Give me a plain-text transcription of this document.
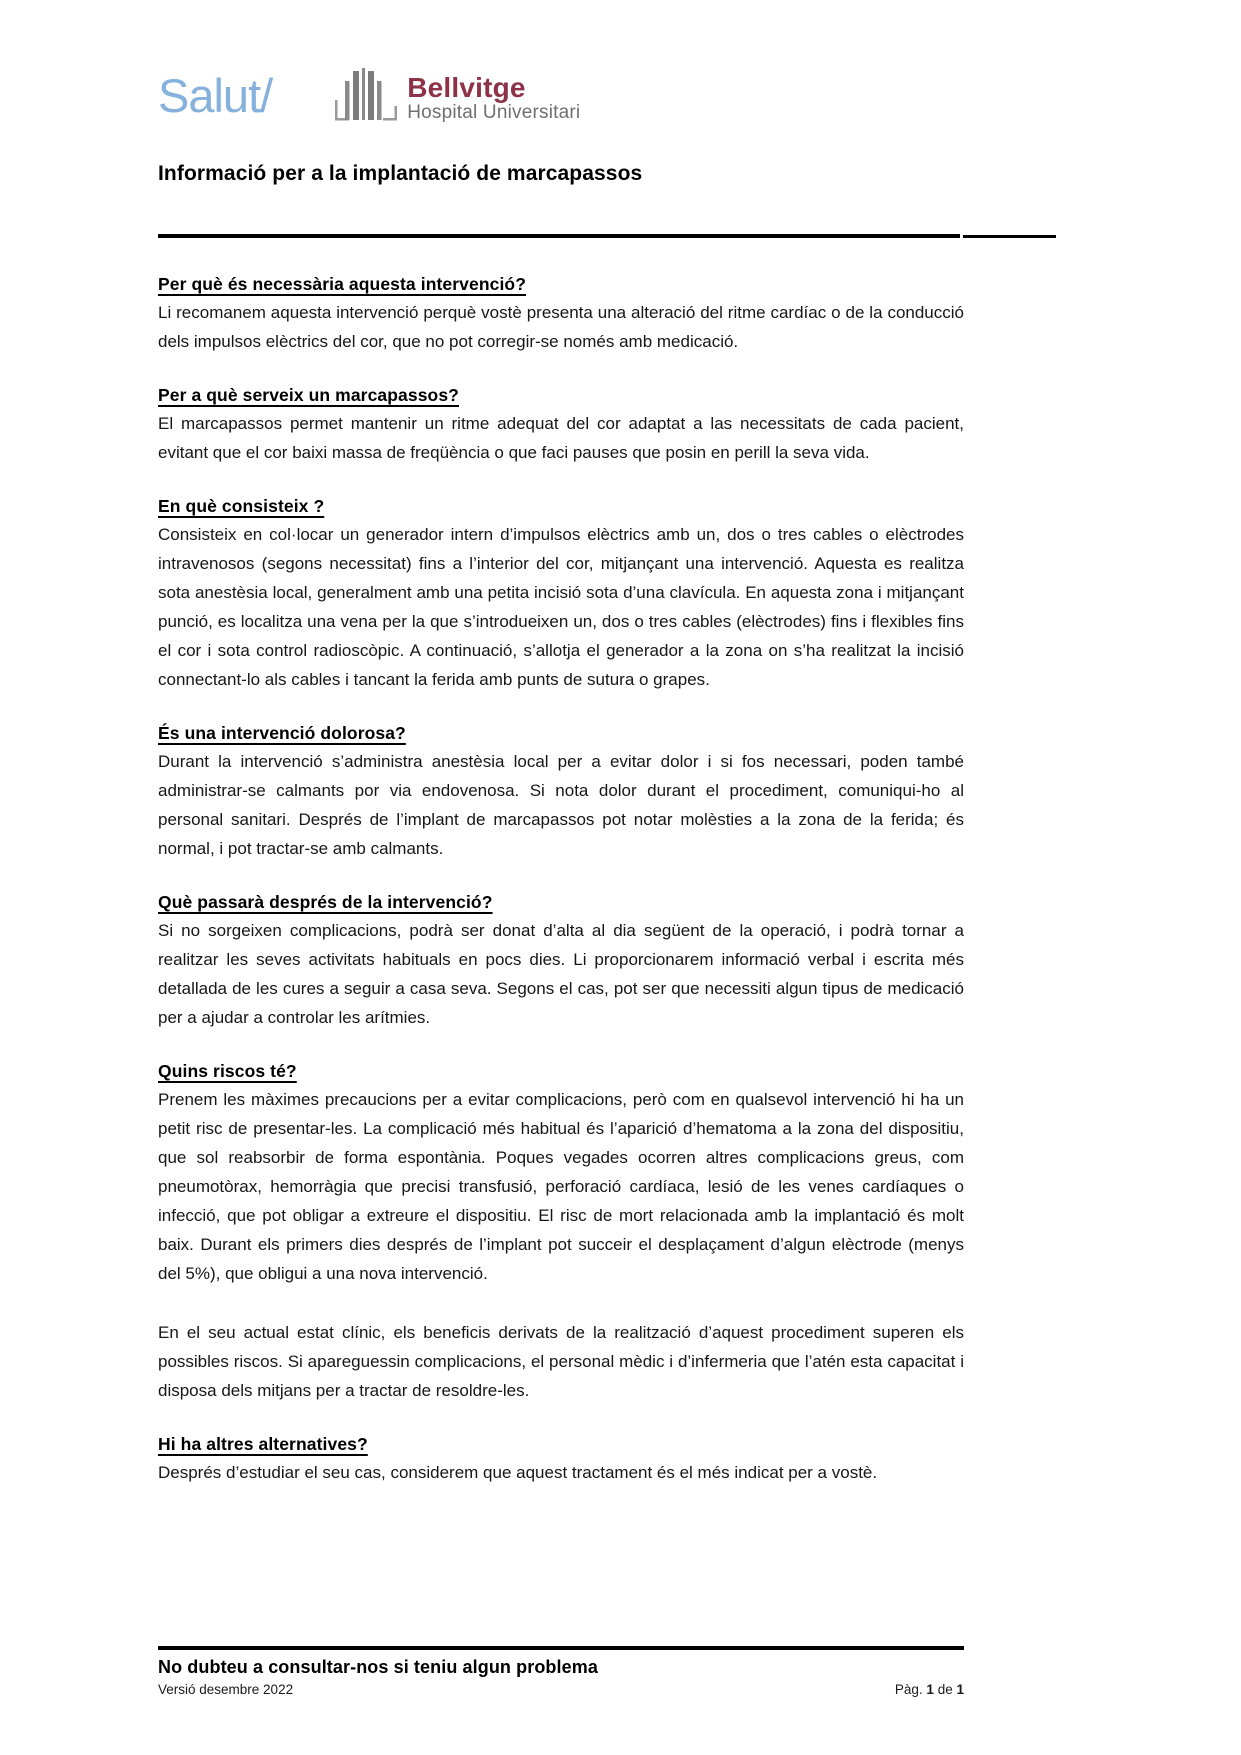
Salut/	Bellvitge
Hospital Universitari
Informació per a la implantació de marcapassos
Per què és necessària aquesta intervenció?

Li recomanem aquesta intervenció perquè vostè presenta una alteració del ritme cardíac o de la conducció dels impulsos elèctrics del cor, que no pot corregir-se només amb medicació.

Per a què serveix un marcapassos?

El marcapassos permet mantenir un ritme adequat del cor adaptat a las necessitats de cada pacient, evitant que el cor baixi massa de freqüència o que faci pauses que posin en perill la seva vida.

En què consisteix ?

Consisteix en col·locar un generador intern d’impulsos elèctrics amb un, dos o tres cables o elèctrodes intravenosos (segons necessitat) fins a l’interior del cor, mitjançant una intervenció. Aquesta es realitza sota anestèsia local, generalment amb una petita incisió sota d’una clavícula. En aquesta zona i mitjançant punció, es localitza una vena per la que s’introdueixen un, dos o tres cables (elèctrodes) fins i flexibles fins el cor i sota control radioscòpic. A continuació, s’allotja el generador a la zona on s’ha realitzat la incisió connectant-lo als cables i tancant la ferida amb punts de sutura o grapes.

És una intervenció dolorosa?

Durant la intervenció s’administra anestèsia local per a evitar dolor i si fos necessari, poden també administrar-se calmants por via endovenosa. Si nota dolor durant el procediment, comuniqui-ho al personal sanitari. Després de l’implant de marcapassos pot notar molèsties a la zona de la ferida; és normal, i pot tractar-se amb calmants.

Què passarà després de la intervenció?

Si no sorgeixen complicacions, podrà ser donat d’alta al dia següent de la operació, i podrà tornar a realitzar les seves activitats habituals en pocs dies. Li proporcionarem informació verbal i escrita més detallada de les cures a seguir a casa seva. Segons el cas, pot ser que necessiti algun tipus de medicació per a ajudar a controlar les arítmies.

Quins riscos té?

Prenem les màximes precaucions per a evitar complicacions, però com en qualsevol intervenció hi ha un petit risc de presentar-les. La complicació més habitual és l’aparició d’hematoma a la zona del dispositiu, que sol reabsorbir de forma espontània. Poques vegades ocorren altres complicacions greus, com pneumotòrax, hemorràgia que precisi transfusió, perforació cardíaca, lesió de les venes cardíaques o infecció, que pot obligar a extreure el dispositiu. El risc de mort relacionada amb la implantació és molt baix. Durant els primers dies després de l’implant pot succeir el desplaçament d’algun elèctrode (menys del 5%), que obligui a una nova intervenció.

En el seu actual estat clínic, els beneficis derivats de la realització d’aquest procediment superen els possibles riscos. Si apareguessin complicacions, el personal mèdic i d’infermeria que l’atén esta capacitat i disposa dels mitjans per a tractar de resoldre-les.

Hi ha altres alternatives?

Després d’estudiar el seu cas, considerem que aquest tractament és el més indicat per a vostè.

No dubteu a consultar-nos si teniu algun problema
Versió desembre 2022	Pàg. 1 de 1
